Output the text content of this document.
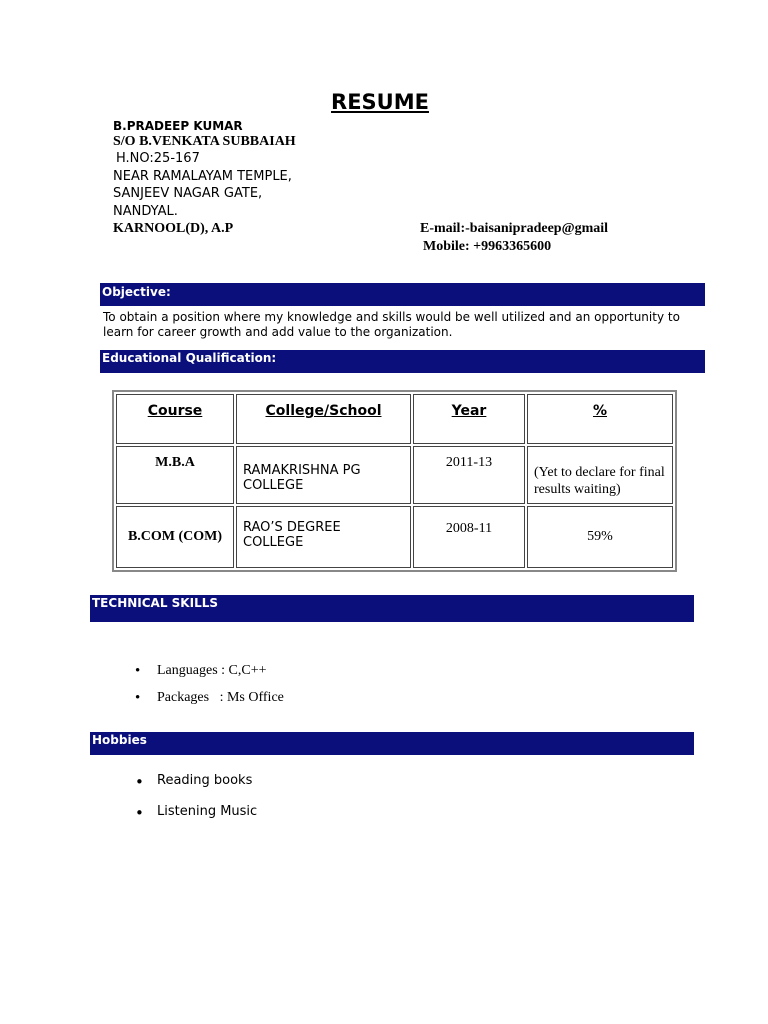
RESUME
B.PRADEEP KUMAR
S/O B.VENKATA SUBBAIAH
H.NO:25-167
NEAR RAMALAYAM TEMPLE,
SANJEEV NAGAR GATE,
NANDYAL.
KARNOOL(D), A.P	E-mail:-baisanipradeep@gmail
Mobile: +9963365600
Objective:
To obtain a position where my knowledge and skills would be well utilized and an opportunity to learn for career growth and add value to the organization.
Educational Qualification:
Course	College/School	Year	%
M.B.A	RAMAKRISHNA PG COLLEGE	2011-13	(Yet to declare for final results waiting)
B.COM (COM)	RAO’S DEGREE COLLEGE	2008-11	59%
TECHNICAL SKILLS
• Languages : C,C++
• Packages   : Ms Office
Hobbies
• Reading books
• Listening Music
